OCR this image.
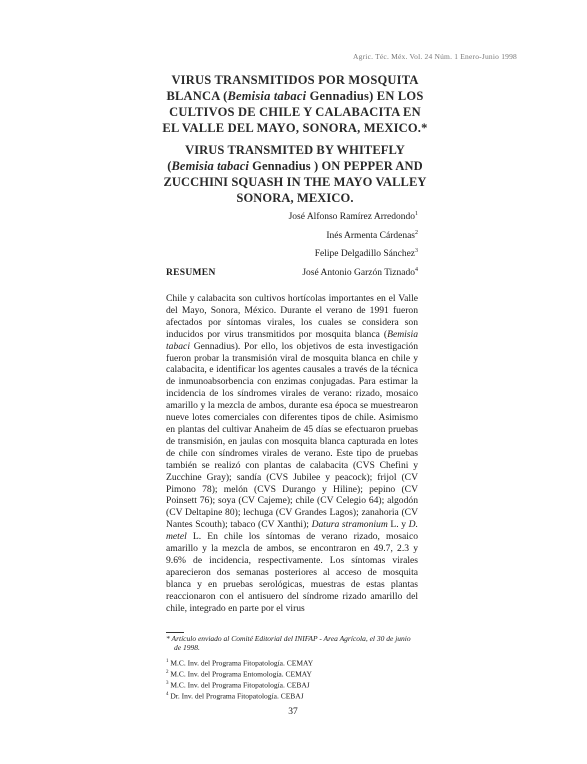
Agric. Téc. Méx. Vol. 24 Núm. 1 Enero-Junio 1998
VIRUS TRANSMITIDOS POR MOSQUITA
BLANCA (Bemisia tabaci Gennadius) EN LOS
CULTIVOS DE CHILE Y CALABACITA EN
EL VALLE DEL MAYO, SONORA, MEXICO.*
VIRUS TRANSMITED BY WHITEFLY
(Bemisia tabaci Gennadius ) ON PEPPER AND
ZUCCHINI SQUASH IN THE MAYO VALLEY
SONORA, MEXICO.
José Alfonso Ramírez Arredondo$^1$
Inés Armenta Cárdenas$^2$
Felipe Delgadillo Sánchez$^3$
José Antonio Garzón Tiznado$^4$
RESUMEN

Chile y calabacita son cultivos hortícolas importantes en el Valle del Mayo, Sonora, México. Durante el verano de 1991 fueron afectados por síntomas virales, los cuales se considera son inducidos por virus transmitidos por mosquita blanca (Bemisia tabaci Gennadius). Por ello, los objetivos de esta investigación fueron probar la transmisión viral de mosquita blanca en chile y calabacita, e identificar los agentes causales a través de la técnica de inmunoabsorbencia con enzimas conjugadas. Para estimar la incidencia de los síndromes virales de verano: rizado, mosaico amarillo y la mezcla de ambos, durante esa época se muestrearon nueve lotes comerciales con diferentes tipos de chile. Asimismo en plantas del cultivar Anaheim de 45 días se efectuaron pruebas de transmisión, en jaulas con mosquita blanca capturada en lotes de chile con síndromes virales de verano. Este tipo de pruebas también se realizó con plantas de calabacita (CVS Chefini y Zucchine Gray); sandía (CVS Jubilee y peacock); frijol (CV Pimono 78); melón (CVS Durango y Hiline); pepino (CV Poinsett 76); soya (CV Cajeme); chile (CV Celegio 64); algodón (CV Deltapine 80); lechuga (CV Grandes Lagos); zanahoria (CV Nantes Scouth); tabaco (CV Xanthi); Datura stramonium L. y D. metel L. En chile los síntomas de verano rizado, mosaico amarillo y la mezcla de ambos, se encontraron en 49.7, 2.3 y 9.6% de incidencia, respectivamente. Los síntomas virales aparecieron dos semanas posteriores al acceso de mosquita blanca y en pruebas serológicas, muestras de estas plantas reaccionaron con el antisuero del síndrome rizado amarillo del chile, integrado en parte por el virus

* Artículo enviado al Comité Editorial del INIFAP - Area Agrícola, el 30 de junio de 1998.
$^1$ M.C. Inv. del Programa Fitopatología. CEMAY
$^2$ M.C. Inv. del Programa Entomología. CEMAY
$^3$ M.C. Inv. del Programa Fitopatología. CEBAJ
$^4$ Dr. Inv. del Programa Fitopatología. CEBAJ
37
